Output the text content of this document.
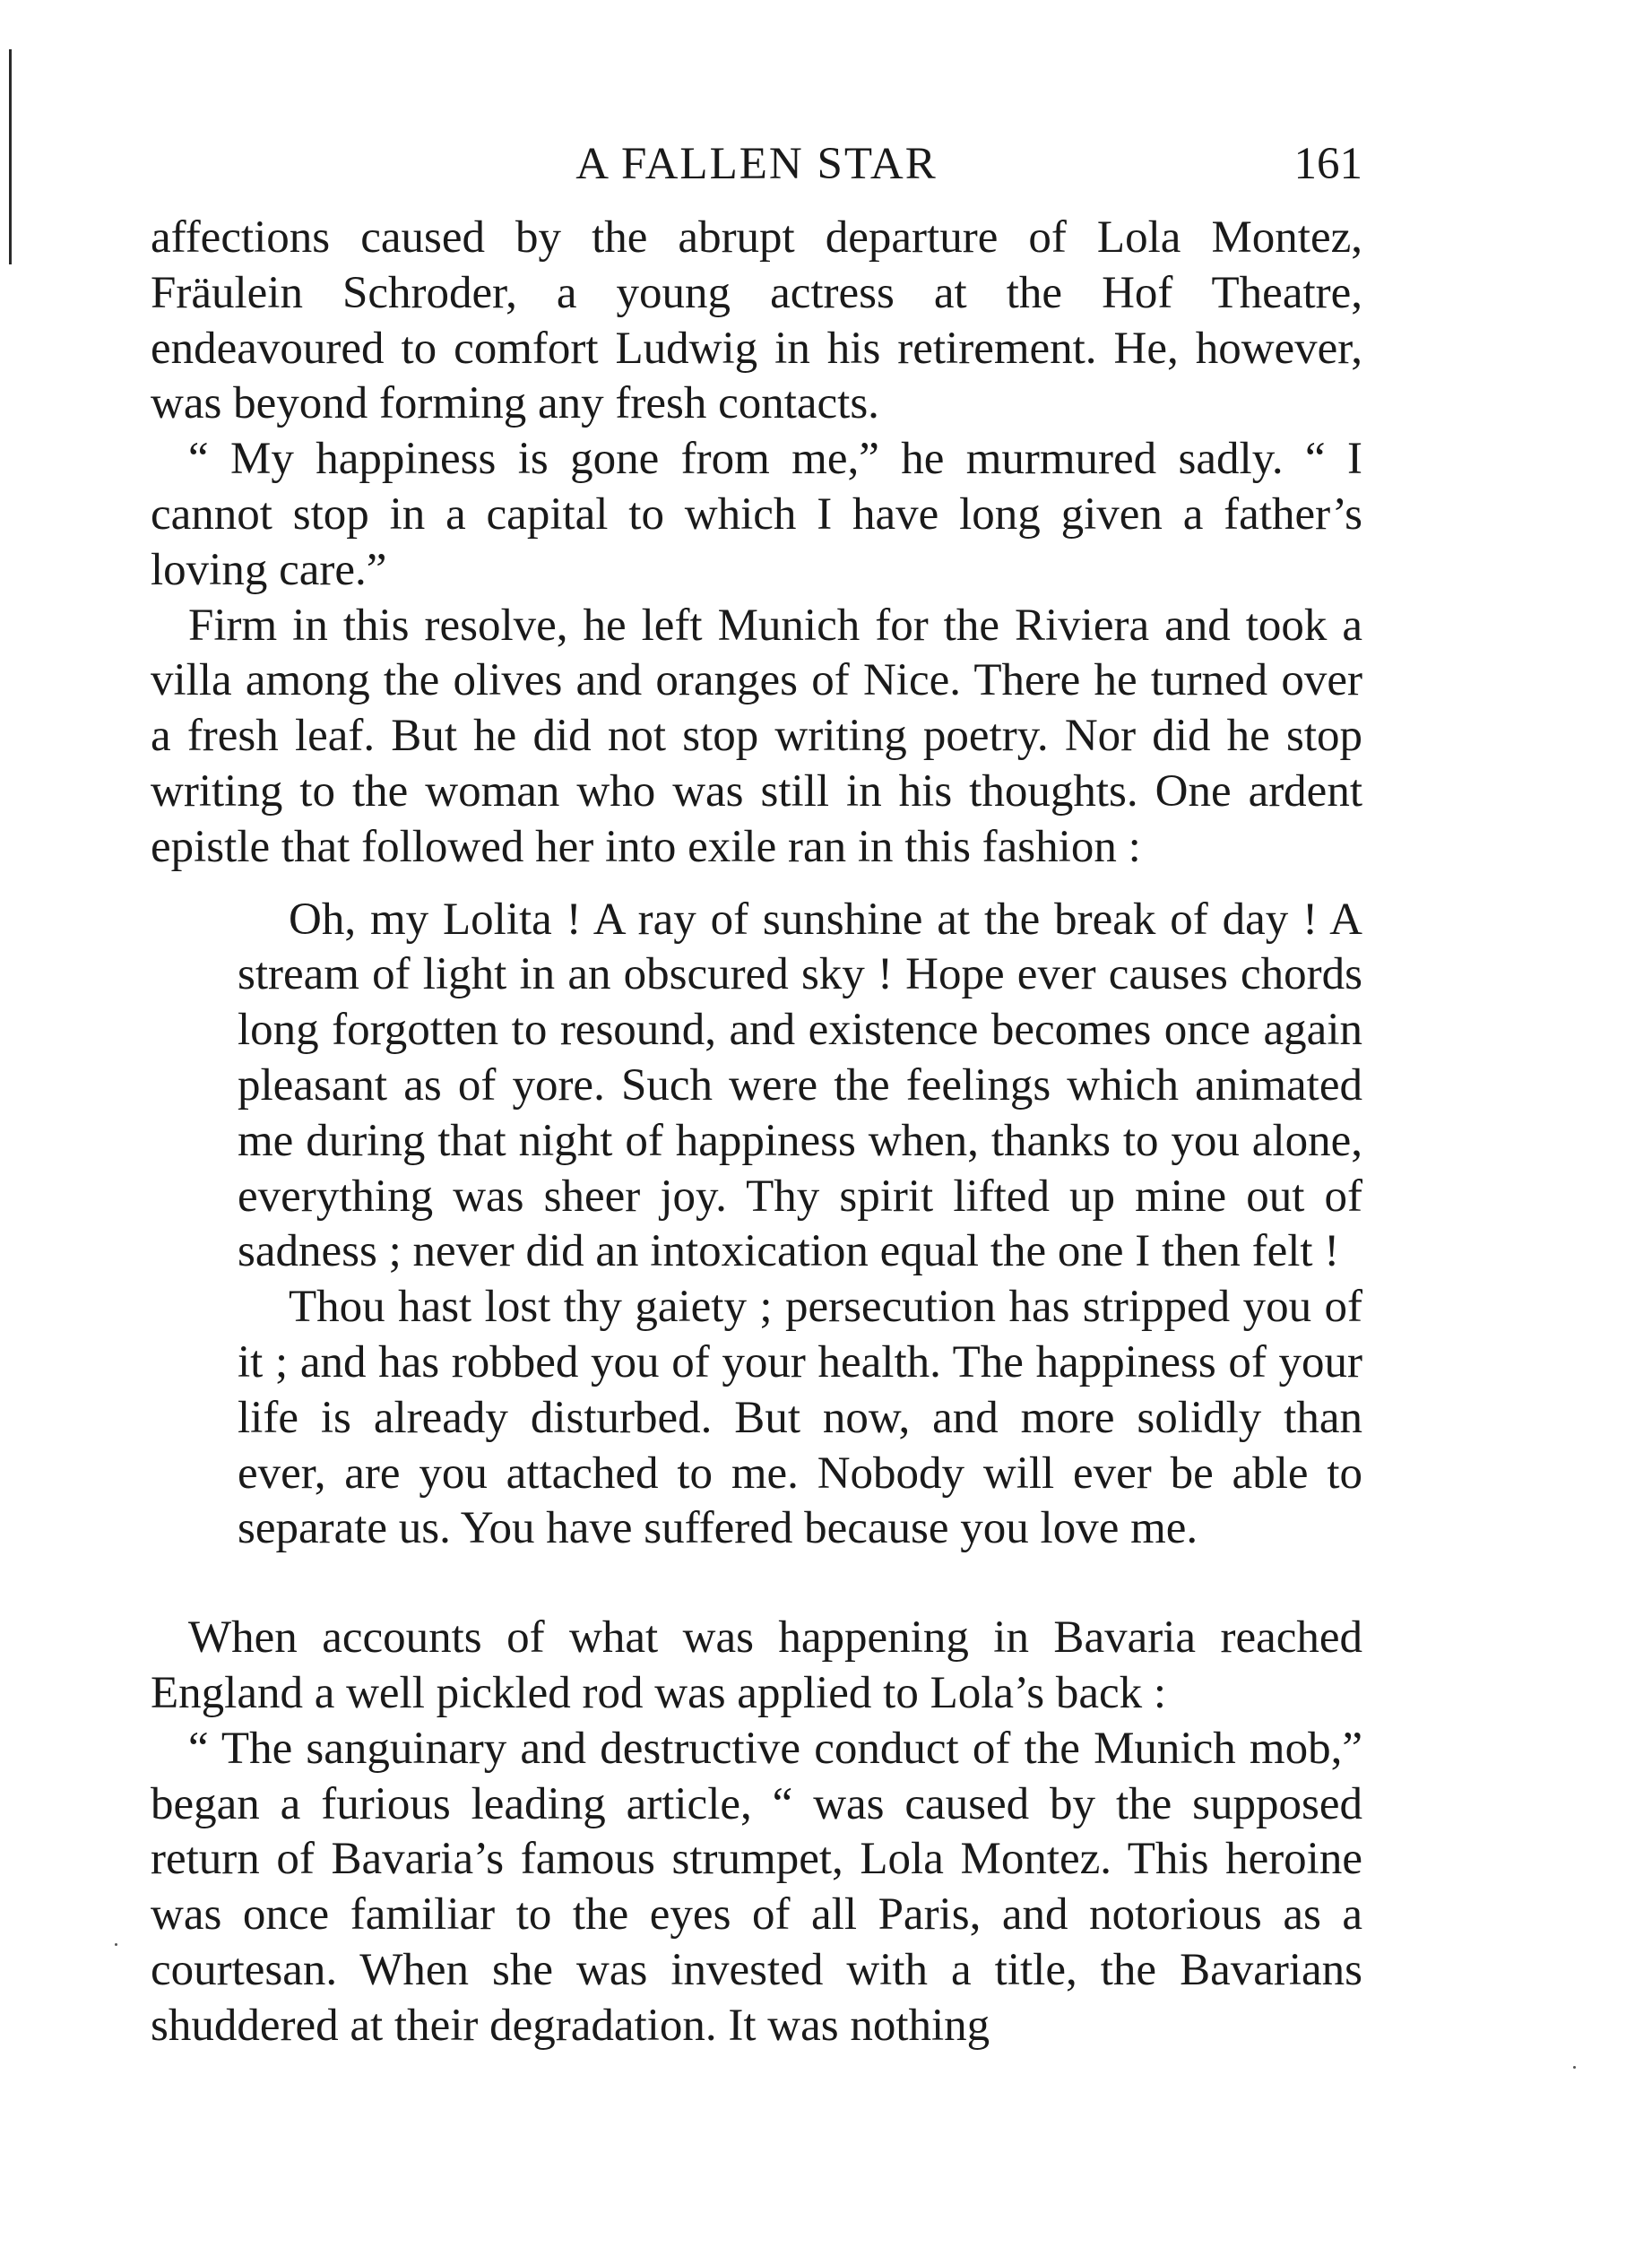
A FALLEN STAR	161

affections caused by the abrupt departure of Lola Montez, Fräulein Schroder, a young actress at the Hof Theatre, endeavoured to comfort Ludwig in his retirement. He, however, was beyond forming any fresh contacts.

“ My happiness is gone from me,” he murmured sadly. “ I cannot stop in a capital to which I have long given a father’s loving care.”

Firm in this resolve, he left Munich for the Riviera and took a villa among the olives and oranges of Nice. There he turned over a fresh leaf. But he did not stop writing poetry. Nor did he stop writing to the woman who was still in his thoughts. One ardent epistle that followed her into exile ran in this fashion :

Oh, my Lolita ! A ray of sunshine at the break of day ! A stream of light in an obscured sky ! Hope ever causes chords long forgotten to resound, and existence becomes once again pleasant as of yore. Such were the feelings which animated me during that night of happiness when, thanks to you alone, everything was sheer joy. Thy spirit lifted up mine out of sadness ; never did an intoxication equal the one I then felt !

Thou hast lost thy gaiety ; persecution has stripped you of it ; and has robbed you of your health. The happiness of your life is already disturbed. But now, and more solidly than ever, are you attached to me. Nobody will ever be able to separate us. You have suffered because you love me.

When accounts of what was happening in Bavaria reached England a well pickled rod was applied to Lola’s back :

“ The sanguinary and destructive conduct of the Munich mob,” began a furious leading article, “ was caused by the supposed return of Bavaria’s famous strumpet, Lola Montez. This heroine was once familiar to the eyes of all Paris, and notorious as a courtesan. When she was invested with a title, the Bavarians shuddered at their degradation. It was nothing
